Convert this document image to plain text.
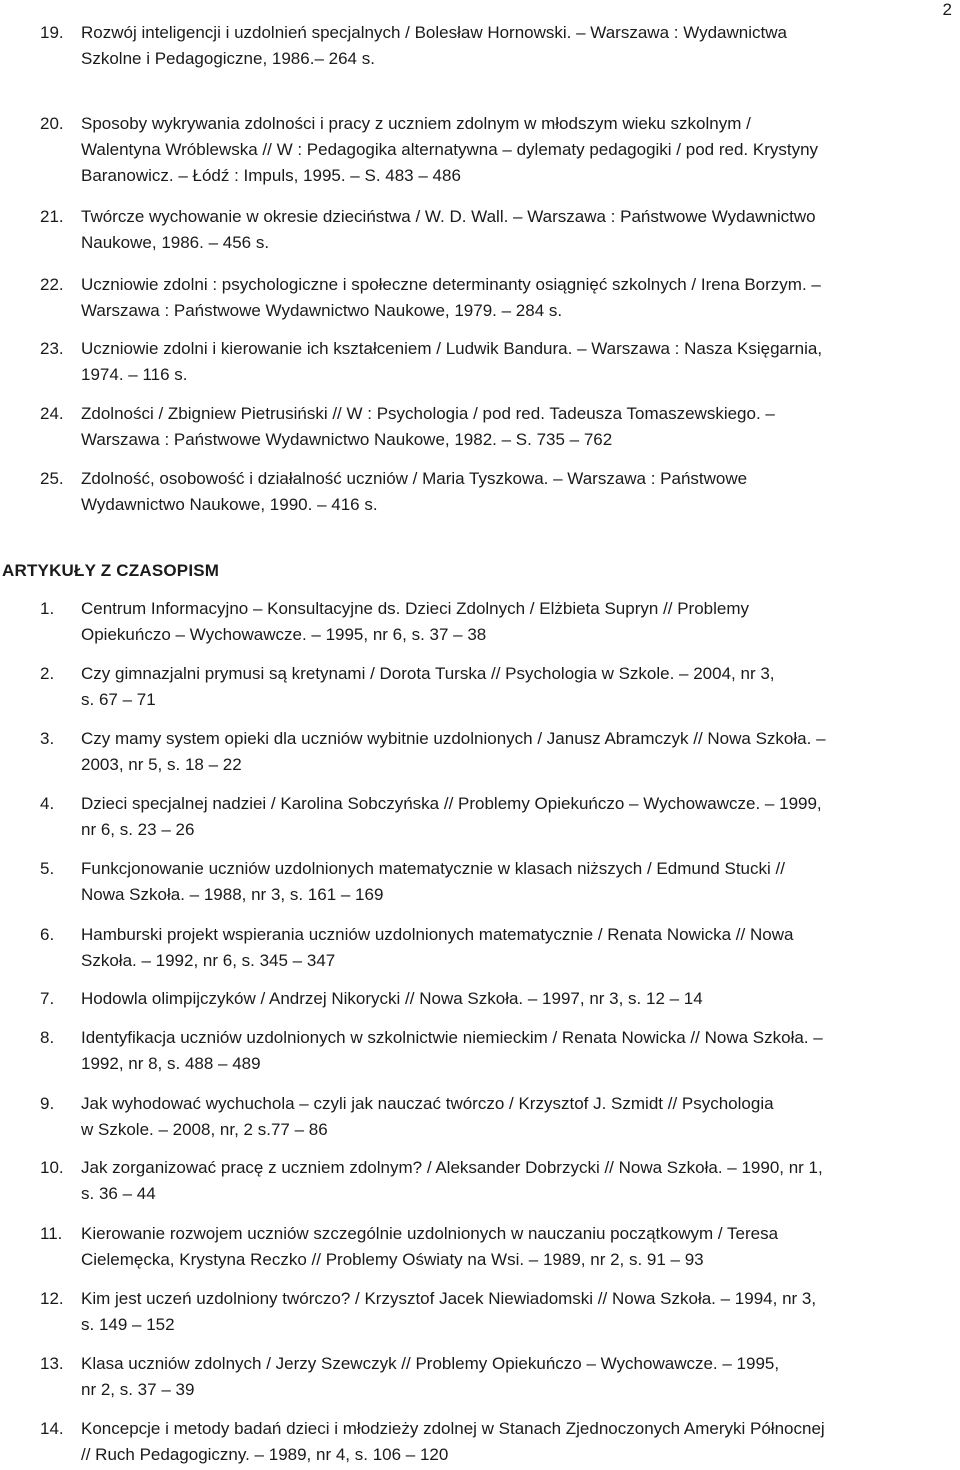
2
19. Rozwój inteligencji i uzdolnień specjalnych / Bolesław Hornowski. – Warszawa : Wydawnictwa
Szkolne i Pedagogiczne, 1986.– 264 s.
20. Sposoby wykrywania zdolności i pracy z uczniem zdolnym w młodszym wieku szkolnym /
Walentyna Wróblewska // W : Pedagogika alternatywna – dylematy pedagogiki / pod red. Krystyny
Baranowicz. – Łódź : Impuls, 1995. – S. 483 – 486
21. Twórcze wychowanie w okresie dzieciństwa / W. D. Wall. – Warszawa : Państwowe Wydawnictwo
Naukowe, 1986. – 456 s.
22. Uczniowie zdolni : psychologiczne i społeczne determinanty osiągnięć szkolnych / Irena Borzym. –
Warszawa : Państwowe Wydawnictwo Naukowe, 1979. – 284 s.
23. Uczniowie zdolni i kierowanie ich kształceniem / Ludwik Bandura. – Warszawa : Nasza Księgarnia,
1974. – 116 s.
24. Zdolności / Zbigniew Pietrusiński // W : Psychologia / pod red. Tadeusza Tomaszewskiego. –
Warszawa : Państwowe Wydawnictwo Naukowe, 1982. – S. 735 – 762
25. Zdolność, osobowość i działalność uczniów / Maria Tyszkowa. – Warszawa : Państwowe
Wydawnictwo Naukowe, 1990. – 416 s.
ARTYKUŁY Z CZASOPISM
1. Centrum Informacyjno – Konsultacyjne ds. Dzieci Zdolnych / Elżbieta Supryn // Problemy
Opiekuńczo – Wychowawcze. – 1995, nr 6, s. 37 – 38
2. Czy gimnazjalni prymusi są kretynami / Dorota Turska // Psychologia w Szkole. – 2004, nr 3,
s. 67 – 71
3. Czy mamy system opieki dla uczniów wybitnie uzdolnionych / Janusz Abramczyk // Nowa Szkoła. –
2003, nr 5, s. 18 – 22
4. Dzieci specjalnej nadziei / Karolina Sobczyńska // Problemy Opiekuńczo – Wychowawcze. – 1999,
nr 6, s. 23 – 26
5. Funkcjonowanie uczniów uzdolnionych matematycznie w klasach niższych / Edmund Stucki //
Nowa Szkoła. – 1988, nr 3, s. 161 – 169
6. Hamburski projekt wspierania uczniów uzdolnionych matematycznie / Renata Nowicka // Nowa
Szkoła. – 1992, nr 6, s. 345 – 347
7. Hodowla olimpijczyków / Andrzej Nikorycki // Nowa Szkoła. – 1997, nr 3, s. 12 – 14
8. Identyfikacja uczniów uzdolnionych w szkolnictwie niemieckim / Renata Nowicka // Nowa Szkoła. –
1992, nr 8, s. 488 – 489
9. Jak wyhodować wychuchola – czyli jak nauczać twórczo / Krzysztof J. Szmidt // Psychologia
w Szkole. – 2008, nr, 2 s.77 – 86
10. Jak zorganizować pracę z uczniem zdolnym? / Aleksander Dobrzycki // Nowa Szkoła. – 1990, nr 1,
s. 36 – 44
11. Kierowanie rozwojem uczniów szczególnie uzdolnionych w nauczaniu początkowym / Teresa
Cielemęcka, Krystyna Reczko // Problemy Oświaty na Wsi. – 1989, nr 2, s. 91 – 93
12. Kim jest uczeń uzdolniony twórczo? / Krzysztof Jacek Niewiadomski // Nowa Szkoła. – 1994, nr 3,
s. 149 – 152
13. Klasa uczniów zdolnych / Jerzy Szewczyk // Problemy Opiekuńczo – Wychowawcze. – 1995,
nr 2, s. 37 – 39
14. Koncepcje i metody badań dzieci i młodzieży zdolnej w Stanach Zjednoczonych Ameryki Północnej
// Ruch Pedagogiczny. – 1989, nr 4, s. 106 – 120
